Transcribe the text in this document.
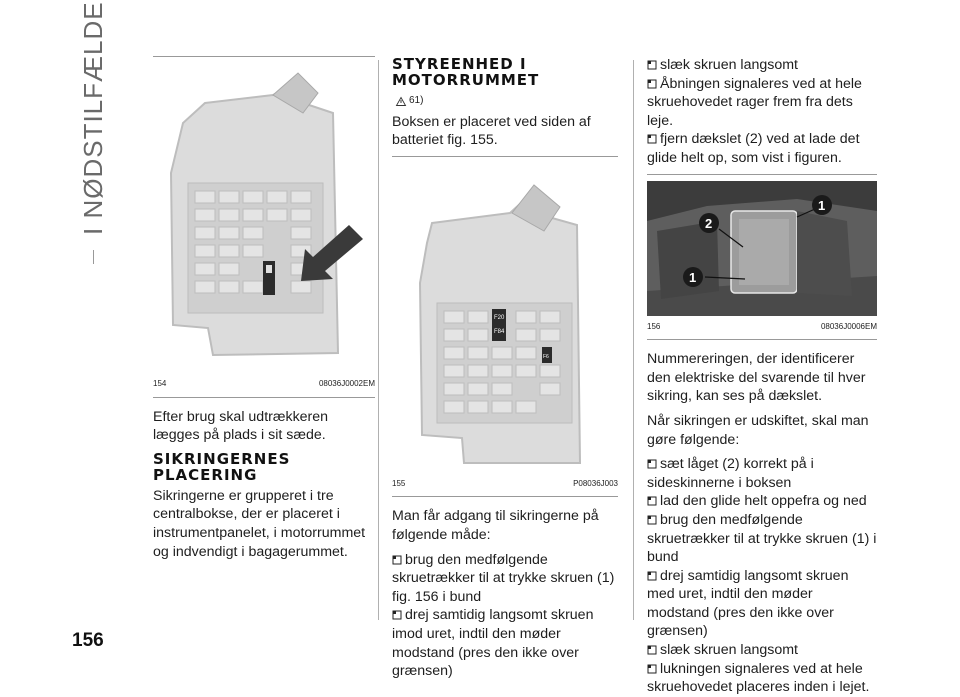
I NØDSTILFÆLDE
156
154	08036J0002EM

Efter brug skal udtrækkeren lægges på plads i sit sæde.

SIKRINGERNES
PLACERING

Sikringerne er grupperet i tre centralbokse, der er placeret i instrumentpanelet, i motorrummet og indvendigt i bagagerummet.

STYREENHED I
MOTORRUMMET
61)

Boksen er placeret ved siden af batteriet fig. 155.

F20
F84
F6
155	P08036J003

Man får adgang til sikringerne på følgende måde:

brug den medfølgende skruetrækker til at trykke skruen (1) fig. 156 i bund
drej samtidig langsomt skruen imod uret, indtil den møder modstand (pres den ikke over grænsen)
slæk skruen langsomt
Åbningen signaleres ved at hele skruehovedet rager frem fra dets leje.
fjern dækslet (2) ved at lade det glide helt op, som vist i figuren.
1
2
1
156	08036J0006EM

Nummereringen, der identificerer den elektriske del svarende til hver sikring, kan ses på dækslet.

Når sikringen er udskiftet, skal man gøre følgende:

sæt låget (2) korrekt på i sideskinnerne i boksen
lad den glide helt oppefra og ned
brug den medfølgende skruetrækker til at trykke skruen (1) i bund
drej samtidig langsomt skruen med uret, indtil den møder modstand (pres den ikke over grænsen)
slæk skruen langsomt
lukningen signaleres ved at hele skruehovedet placeres inden i lejet.
